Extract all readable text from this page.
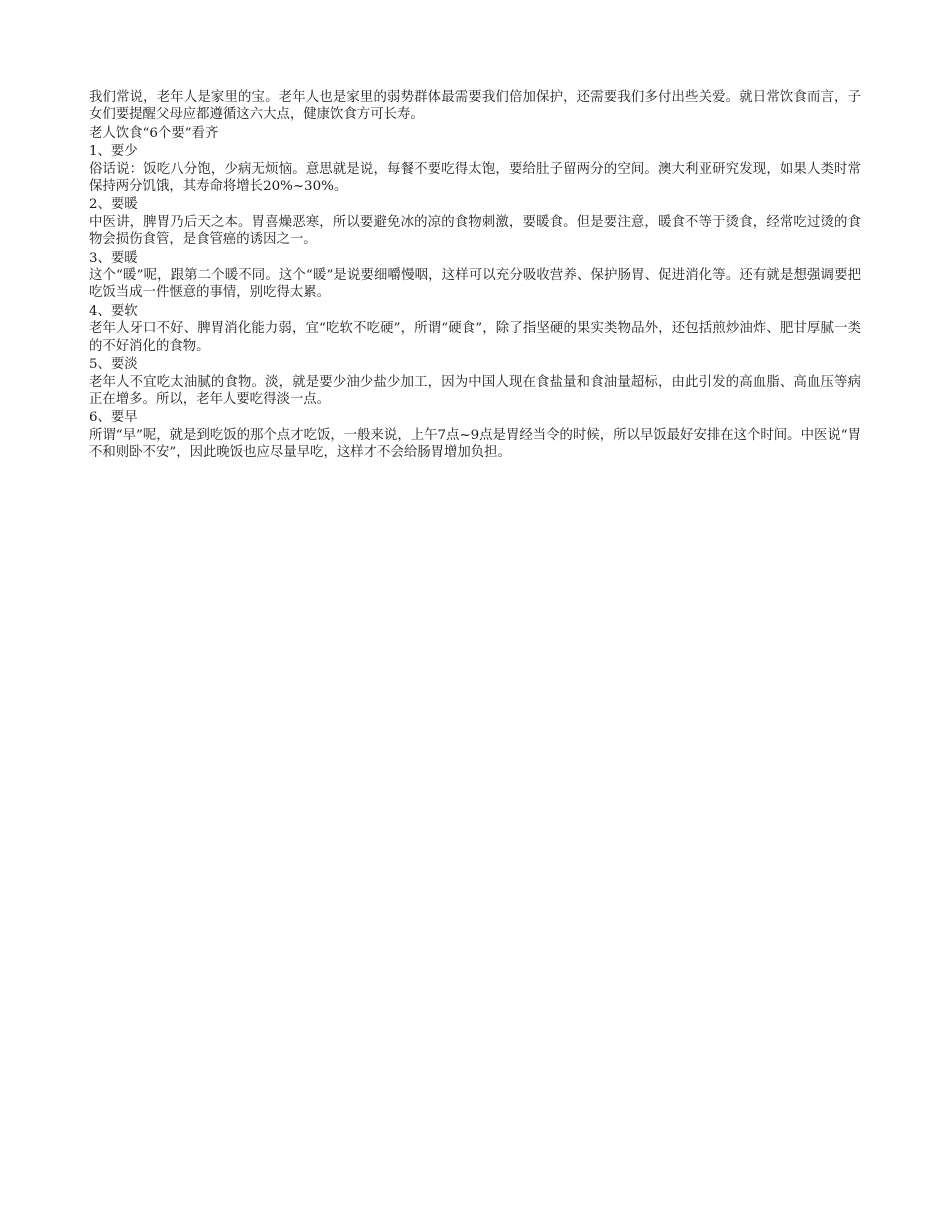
我们常说，老年人是家里的宝。老年人也是家里的弱势群体最需要我们倍加保护，还需要我们多付出些关爱。就日常饮食而言，子女们要提醒父母应都遵循这六大点，健康饮食方可长寿。

老人饮食“6个要”看齐

1、要少

俗话说：饭吃八分饱，少病无烦恼。意思就是说，每餐不要吃得太饱，要给肚子留两分的空间。澳大利亚研究发现，如果人类时常保持两分饥饿，其寿命将增长20%~30%。

2、要暖

中医讲，脾胃乃后天之本。胃喜燥恶寒，所以要避免冰的凉的食物刺激，要暖食。但是要注意，暖食不等于烫食，经常吃过烫的食物会损伤食管，是食管癌的诱因之一。

3、要暖

这个“暖”呢，跟第二个暖不同。这个“暖”是说要细嚼慢咽，这样可以充分吸收营养、保护肠胃、促进消化等。还有就是想强调要把吃饭当成一件惬意的事情，别吃得太累。

4、要软

老年人牙口不好、脾胃消化能力弱，宜“吃软不吃硬”，所谓“硬食”，除了指坚硬的果实类物品外，还包括煎炒油炸、肥甘厚腻一类的不好消化的食物。

5、要淡

老年人不宜吃太油腻的食物。淡，就是要少油少盐少加工，因为中国人现在食盐量和食油量超标，由此引发的高血脂、高血压等病正在增多。所以，老年人要吃得淡一点。

6、要早

所谓“早”呢，就是到吃饭的那个点才吃饭，一般来说，上午7点~9点是胃经当令的时候，所以早饭最好安排在这个时间。中医说“胃不和则卧不安”，因此晚饭也应尽量早吃，这样才不会给肠胃增加负担。
